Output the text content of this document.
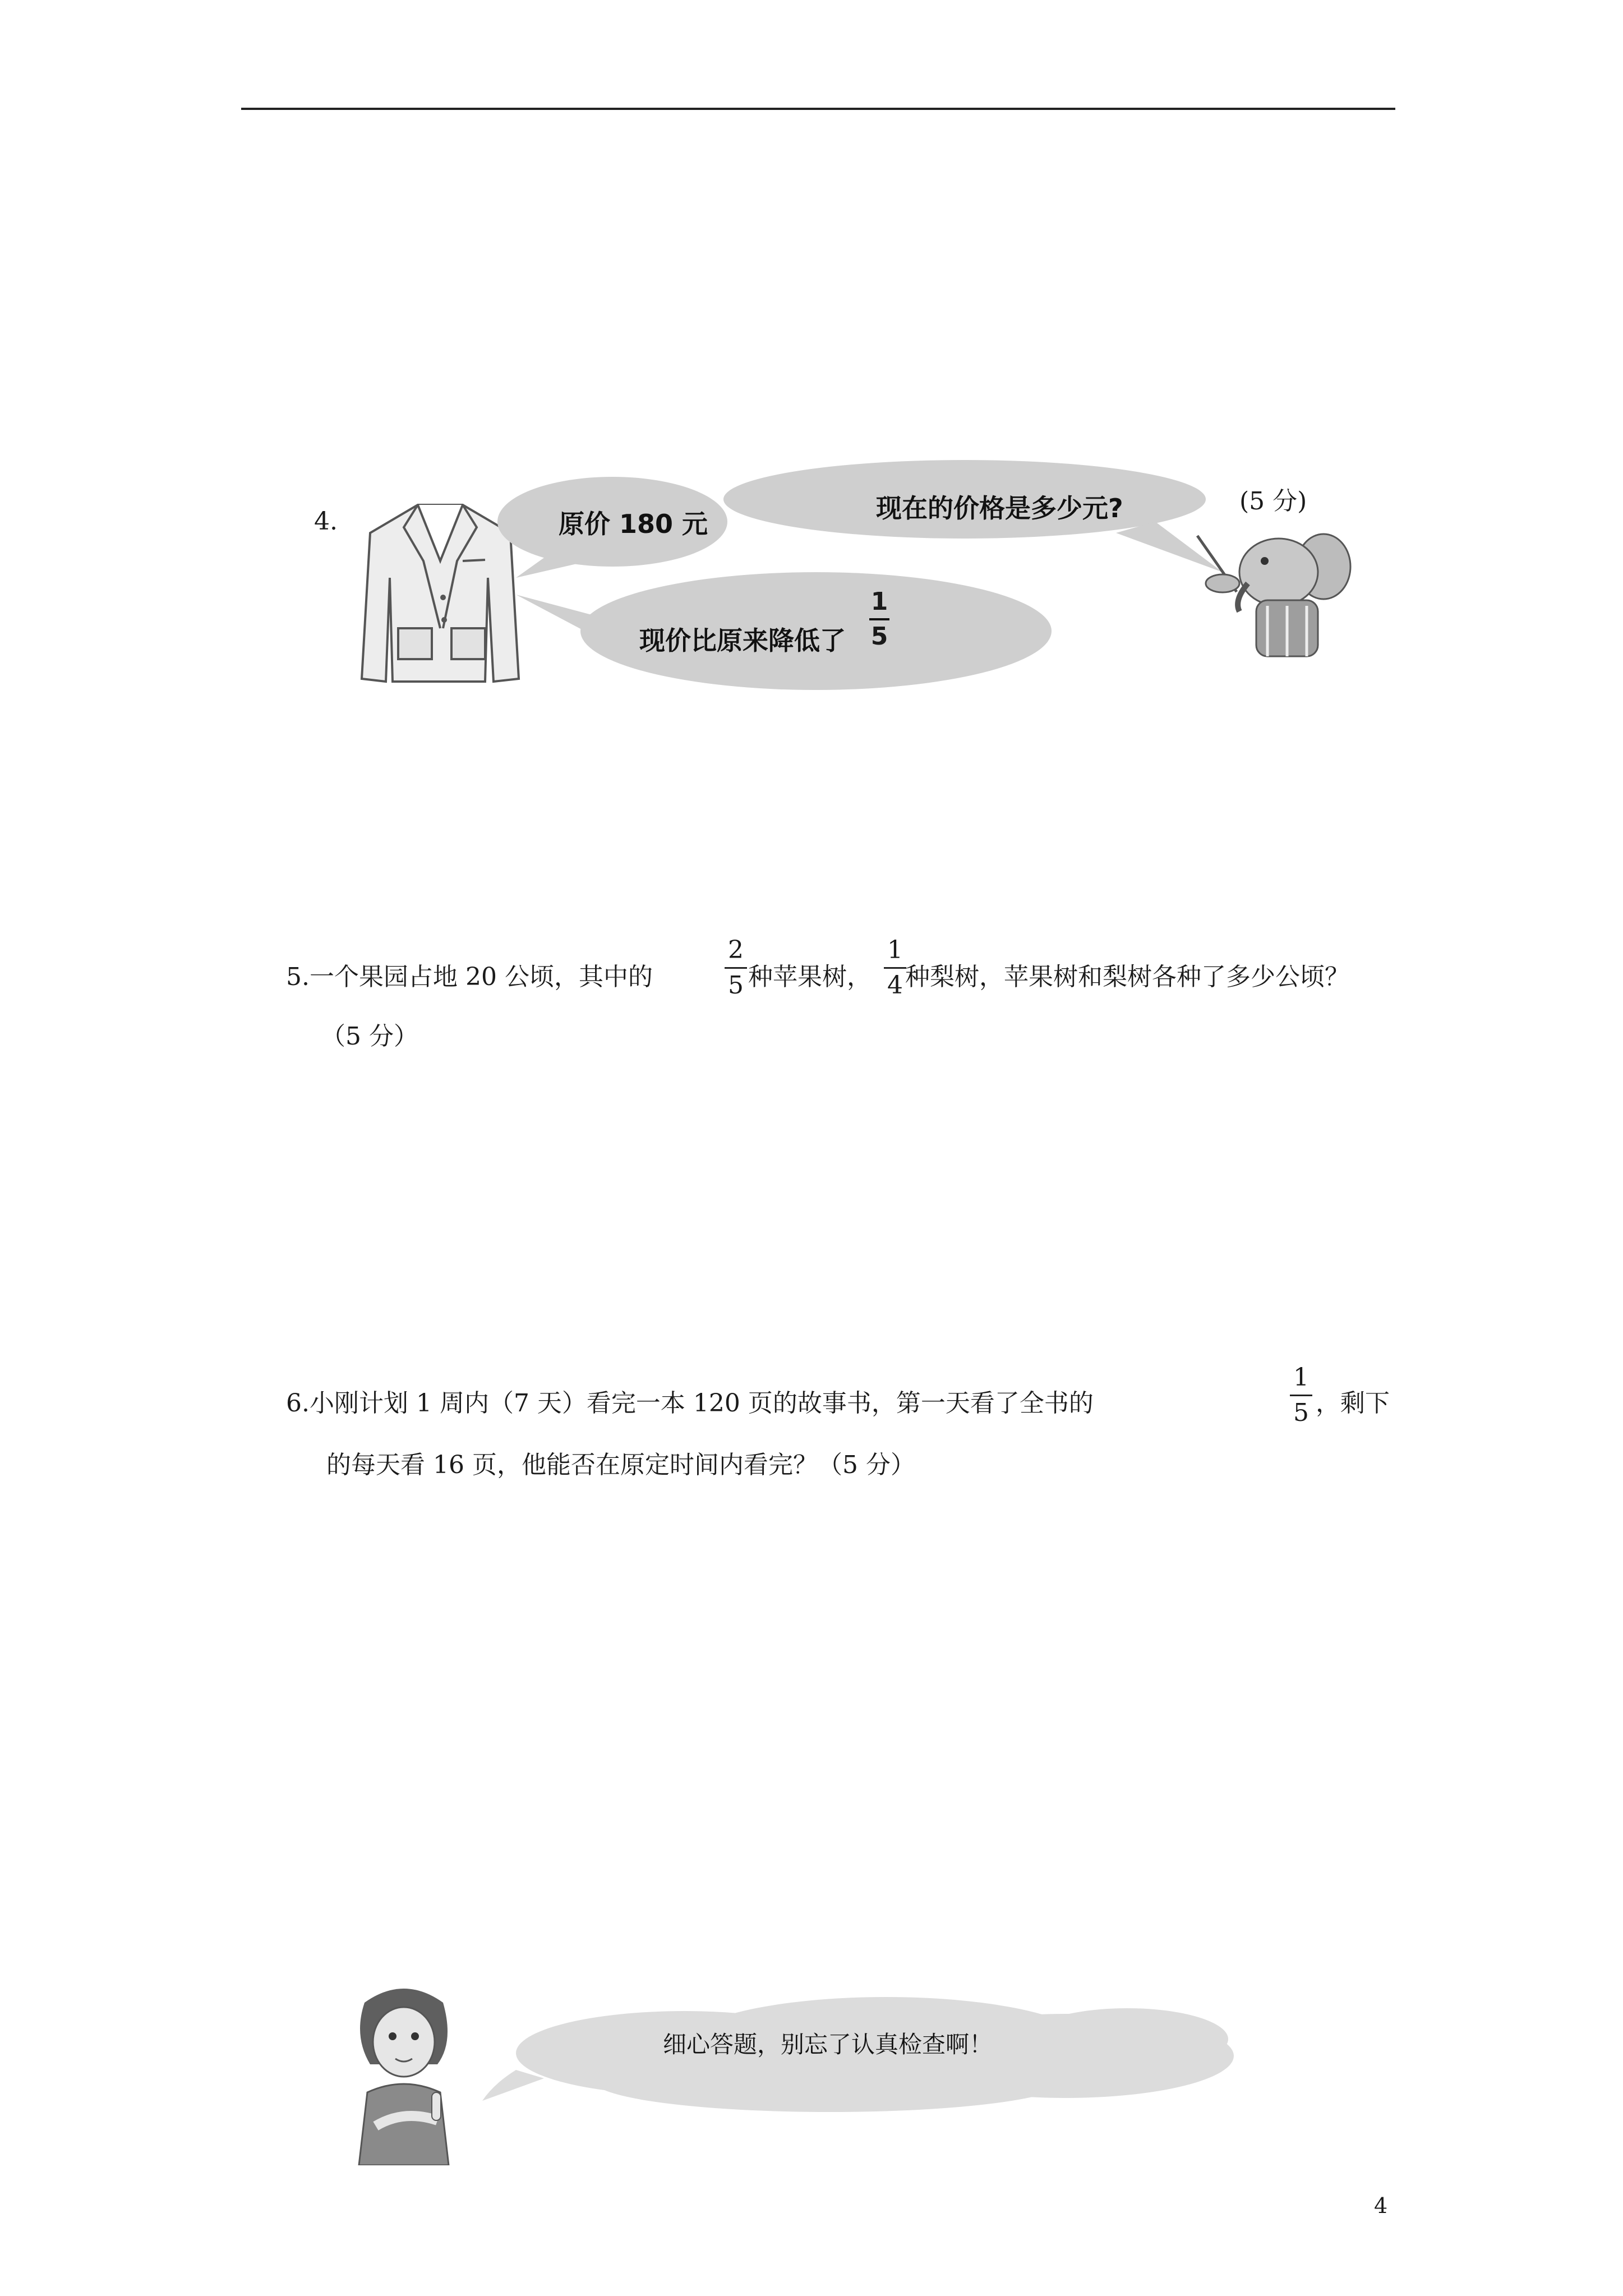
4.	原价 180 元
现在的价格是多少元?
现价比原来降低了
1
5
(5 分)
5.一个果园占地 20 公顷，其中的
2
5 种苹果树，
1
4 种梨树，苹果树和梨树各种了多少公顷？
（5 分）
6.小刚计划 1 周内（7 天）看完一本 120 页的故事书，第一天看了全书的
1
5 ，剩下
的每天看 16 页，他能否在原定时间内看完？（5 分）
细心答题，别忘了认真检查啊！
4
